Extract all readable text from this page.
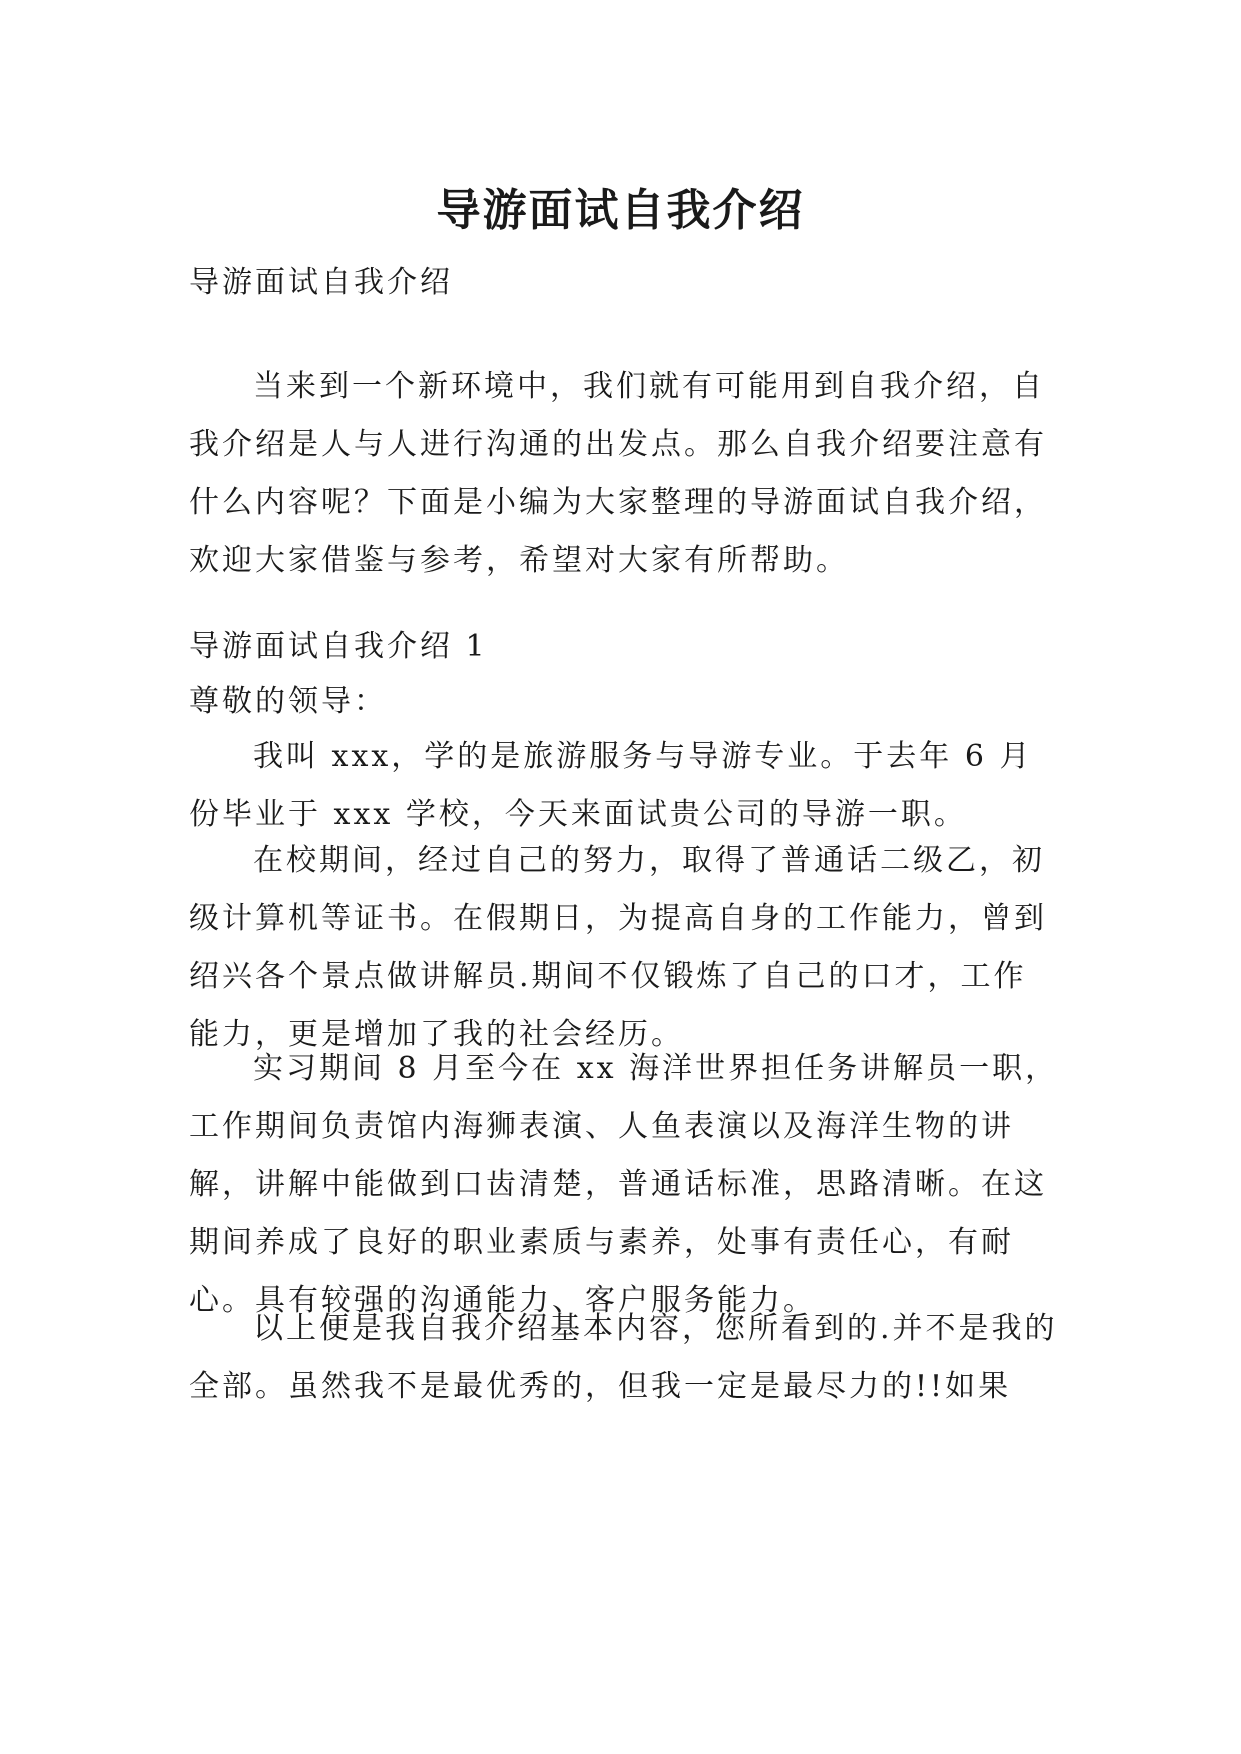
导游面试自我介绍

导游面试自我介绍

当来到一个新环境中，我们就有可能用到自我介绍，自我介绍是人与人进行沟通的出发点。那么自我介绍要注意有什么内容呢？下面是小编为大家整理的导游面试自我介绍，欢迎大家借鉴与参考，希望对大家有所帮助。

导游面试自我介绍 1

尊敬的领导：

我叫 xxx，学的是旅游服务与导游专业。于去年 6 月份毕业于 xxx 学校，今天来面试贵公司的导游一职。

在校期间，经过自己的努力，取得了普通话二级乙，初级计算机等证书。在假期日，为提高自身的工作能力，曾到绍兴各个景点做讲解员.期间不仅锻炼了自己的口才，工作能力，更是增加了我的社会经历。

实习期间 8 月至今在 xx 海洋世界担任务讲解员一职，工作期间负责馆内海狮表演、人鱼表演以及海洋生物的讲解，讲解中能做到口齿清楚，普通话标准，思路清晰。在这期间养成了良好的职业素质与素养，处事有责任心，有耐心。具有较强的沟通能力、客户服务能力。

以上便是我自我介绍基本内容，您所看到的.并不是我的全部。虽然我不是最优秀的，但我一定是最尽力的!!如果
